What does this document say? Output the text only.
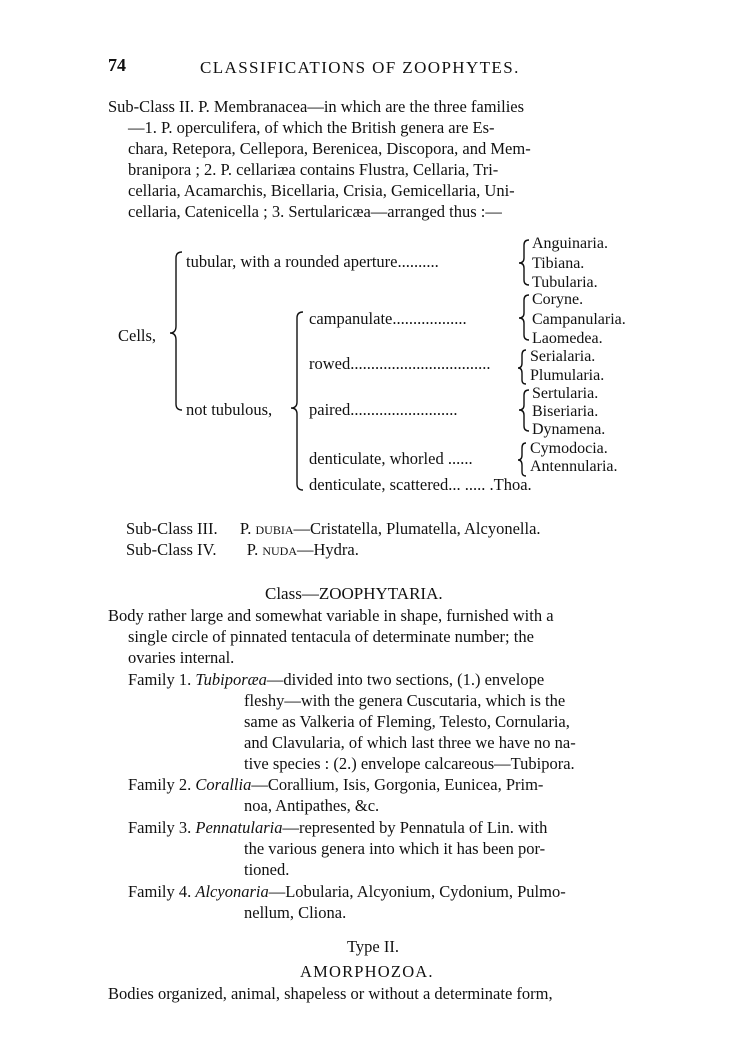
74	CLASSIFICATIONS OF ZOOPHYTES.
Sub-Class II. P. Membranacea—in which are the three families
—1. P. operculifera, of which the British genera are Es-
chara, Retepora, Cellepora, Berenicea, Discopora, and Mem-
branipora ; 2. P. cellariæa contains Flustra, Cellaria, Tri-
cellaria, Acamarchis, Bicellaria, Crisia, Gemicellaria, Uni-
cellaria, Catenicella ; 3. Sertularicæa—arranged thus :—
Cells,
tubular, with a rounded aperture..........
not tubulous,
campanulate..................
rowed..................................
paired..........................
denticulate, whorled ......
denticulate, scattered... ..... .Thoa.
Anguinaria.
Tibiana.
Tubularia.
Coryne.
Campanularia.
Laomedea.
Serialaria.
Plumularia.
Sertularia.
Biseriaria.
Dynamena.
Cymodocia.
Antennularia.
Sub-Class III. P. dubia—Cristatella, Plumatella, Alcyonella.
Sub-Class IV. P. nuda—Hydra.
Class—ZOOPHYTARIA.
Body rather large and somewhat variable in shape, furnished with a
single circle of pinnated tentacula of determinate number; the
ovaries internal.
Family 1. Tubiporæa—divided into two sections, (1.) envelope
fleshy—with the genera Cuscutaria, which is the
same as Valkeria of Fleming, Telesto, Cornularia,
and Clavularia, of which last three we have no na-
tive species : (2.) envelope calcareous—Tubipora.
Family 2. Corallia—Corallium, Isis, Gorgonia, Eunicea, Prim-
noa, Antipathes, &c.
Family 3. Pennatularia—represented by Pennatula of Lin. with
the various genera into which it has been por-
tioned.
Family 4. Alcyonaria—Lobularia, Alcyonium, Cydonium, Pulmo-
nellum, Cliona.
Type II.
AMORPHOZOA.
Bodies organized, animal, shapeless or without a determinate form,
